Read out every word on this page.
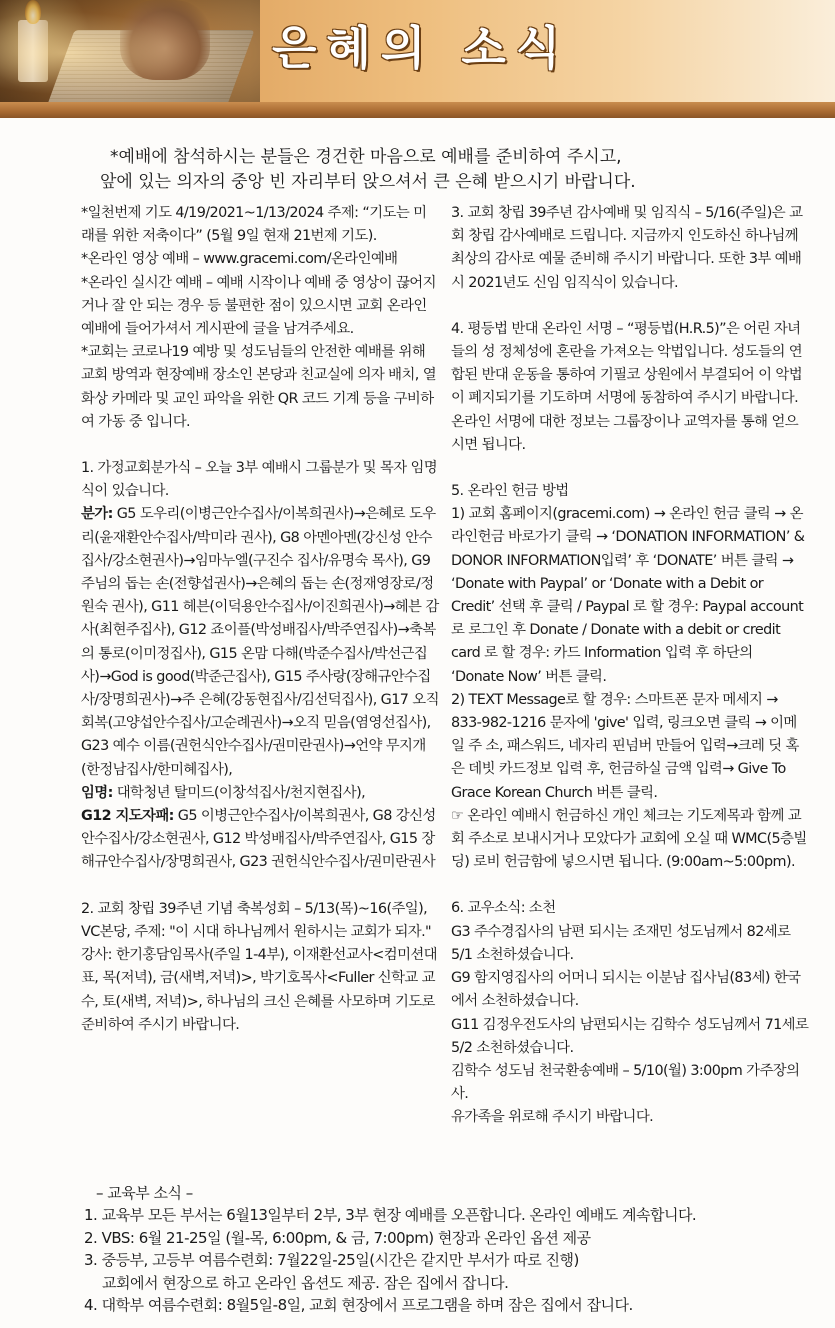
은혜의 소식
*예배에 참석하시는 분들은 경건한 마음으로 예배를 준비하여 주시고,
앞에 있는 의자의 중앙 빈 자리부터 앉으셔서 큰 은혜 받으시기 바랍니다.

*일천번제 기도 4/19/2021~1/13/2024 주제: “기도는 미래를 위한 저축이다” (5월 9일 현재 21번제 기도).

*온라인 영상 예배 – www.gracemi.com/온라인예배

*온라인 실시간 예배 – 예배 시작이나 예배 중 영상이 끊어지거나 잘 안 되는 경우 등 불편한 점이 있으시면 교회 온라인예배에 들어가셔서 게시판에 글을 남겨주세요.

*교회는 코로나19 예방 및 성도님들의 안전한 예배를 위해 교회 방역과 현장예배 장소인 본당과 친교실에 의자 배치, 열 화상 카메라 및 교인 파악을 위한 QR 코드 기계 등을 구비하여 가동 중 입니다.

1. 가정교회분가식 – 오늘 3부 예배시 그룹분가 및 목자 임명식이 있습니다.

분가: G5 도우리(이병근안수집사/이복희권사)→은혜로 도우리(윤재환안수집사/박미라 권사), G8 아멘아멘(강신성 안수집사/강소현권사)→임마누엘(구진수 집사/유명숙 목사), G9 주님의 돕는 손(전향섭권사)→은혜의 돕는 손(정재영장로/정원숙 권사), G11 헤븐(이덕용안수집사/이진희권사)→헤븐 감사(최현주집사), G12 죠이플(박성배집사/박주연집사)→축복의 통로(이미정집사), G15 온맘 다해(박준수집사/박선근집사)→God is good(박준근집사), G15 주사랑(장해규안수집사/장명희권사)→주 은혜(강동현집사/김선덕집사), G17 오직 회복(고양섭안수집사/고순례권사)→오직 믿음(염영선집사), G23 예수 이름(권헌식안수집사/권미란권사)→언약 무지개(한정남집사/한미혜집사),

임명: 대학청년 탈미드(이창석집사/천지현집사),

G12 지도자패: G5 이병근안수집사/이복희권사, G8 강신성 안수집사/강소현권사, G12 박성배집사/박주연집사, G15 장해규안수집사/장명희권사, G23 권헌식안수집사/권미란권사

2. 교회 창립 39주년 기념 축복성회 – 5/13(목)~16(주일), VC본당, 주제: "이 시대 하나님께서 원하시는 교회가 되자." 강사: 한기홍담임목사(주일 1-4부), 이재환선교사<컴미션대표, 목(저녁), 금(새벽,저녁)>, 박기호목사<Fuller 신학교 교수, 토(새벽, 저녁)>, 하나님의 크신 은혜를 사모하며 기도로 준비하여 주시기 바랍니다.

3. 교회 창립 39주년 감사예배 및 임직식 – 5/16(주일)은 교회 창립 감사예배로 드립니다. 지금까지 인도하신 하나님께 최상의 감사로 예물 준비해 주시기 바랍니다. 또한 3부 예배시 2021년도 신임 임직식이 있습니다.

4. 평등법 반대 온라인 서명 – “평등법(H.R.5)”은 어린 자녀들의 성 정체성에 혼란을 가져오는 악법입니다. 성도들의 연합된 반대 운동을 통하여 기필코 상원에서 부결되어 이 악법이 폐지되기를 기도하며 서명에 동참하여 주시기 바랍니다. 온라인 서명에 대한 정보는 그룹장이나 교역자를 통해 얻으시면 됩니다.

5. 온라인 헌금 방법

1) 교회 홈페이지(gracemi.com) → 온라인 헌금 클릭 → 온라인헌금 바로가기 클릭 → ‘DONATION INFORMATION’ & DONOR INFORMATION입력’ 후 ‘DONATE’ 버튼 클릭 → ‘Donate with Paypal’ or ‘Donate with a Debit or Credit’ 선택 후 클릭 / Paypal 로 할 경우: Paypal account로 로그인 후 Donate / Donate with a debit or credit card 로 할 경우: 카드 Information 입력 후 하단의 ‘Donate Now’ 버튼 클릭.

2) TEXT Message로 할 경우: 스마트폰 문자 메세지 → 833-982-1216 문자에 'give' 입력, 링크오면 클릭 → 이메일 주 소, 패스워드, 네자리 핀넘버 만들어 입력→크레 딧 혹은 데빗 카드정보 입력 후, 헌금하실 금액 입력→ Give To Grace Korean Church 버튼 클릭.

☞ 온라인 예배시 헌금하신 개인 체크는 기도제목과 함께 교회 주소로 보내시거나 모았다가 교회에 오실 때 WMC(5층빌딩) 로비 헌금함에 넣으시면 됩니다. (9:00am~5:00pm).

6. 교우소식: 소천

G3 주수경집사의 남편 되시는 조재민 성도님께서 82세로 5/1 소천하셨습니다.

G9 함지영집사의 어머니 되시는 이분남 집사님(83세) 한국에서 소천하셨습니다.

G11 김정우전도사의 남편되시는 김학수 성도님께서 71세로 5/2 소천하셨습니다.

김학수 성도님 천국환송예배 – 5/10(월) 3:00pm 가주장의사.

유가족을 위로해 주시기 바랍니다.

– 교육부 소식 –
1. 교육부 모든 부서는 6월13일부터 2부, 3부 현장 예배를 오픈합니다. 온라인 예배도 계속합니다.
2. VBS: 6월 21-25일 (월-목, 6:00pm, & 금, 7:00pm) 현장과 온라인 옵션 제공
3. 중등부, 고등부 여름수련회: 7월22일-25일(시간은 같지만 부서가 따로 진행)
교회에서 현장으로 하고 온라인 옵션도 제공. 잠은 집에서 잡니다.
4. 대학부 여름수련회: 8월5일-8일, 교회 현장에서 프로그램을 하며 잠은 집에서 잡니다.
